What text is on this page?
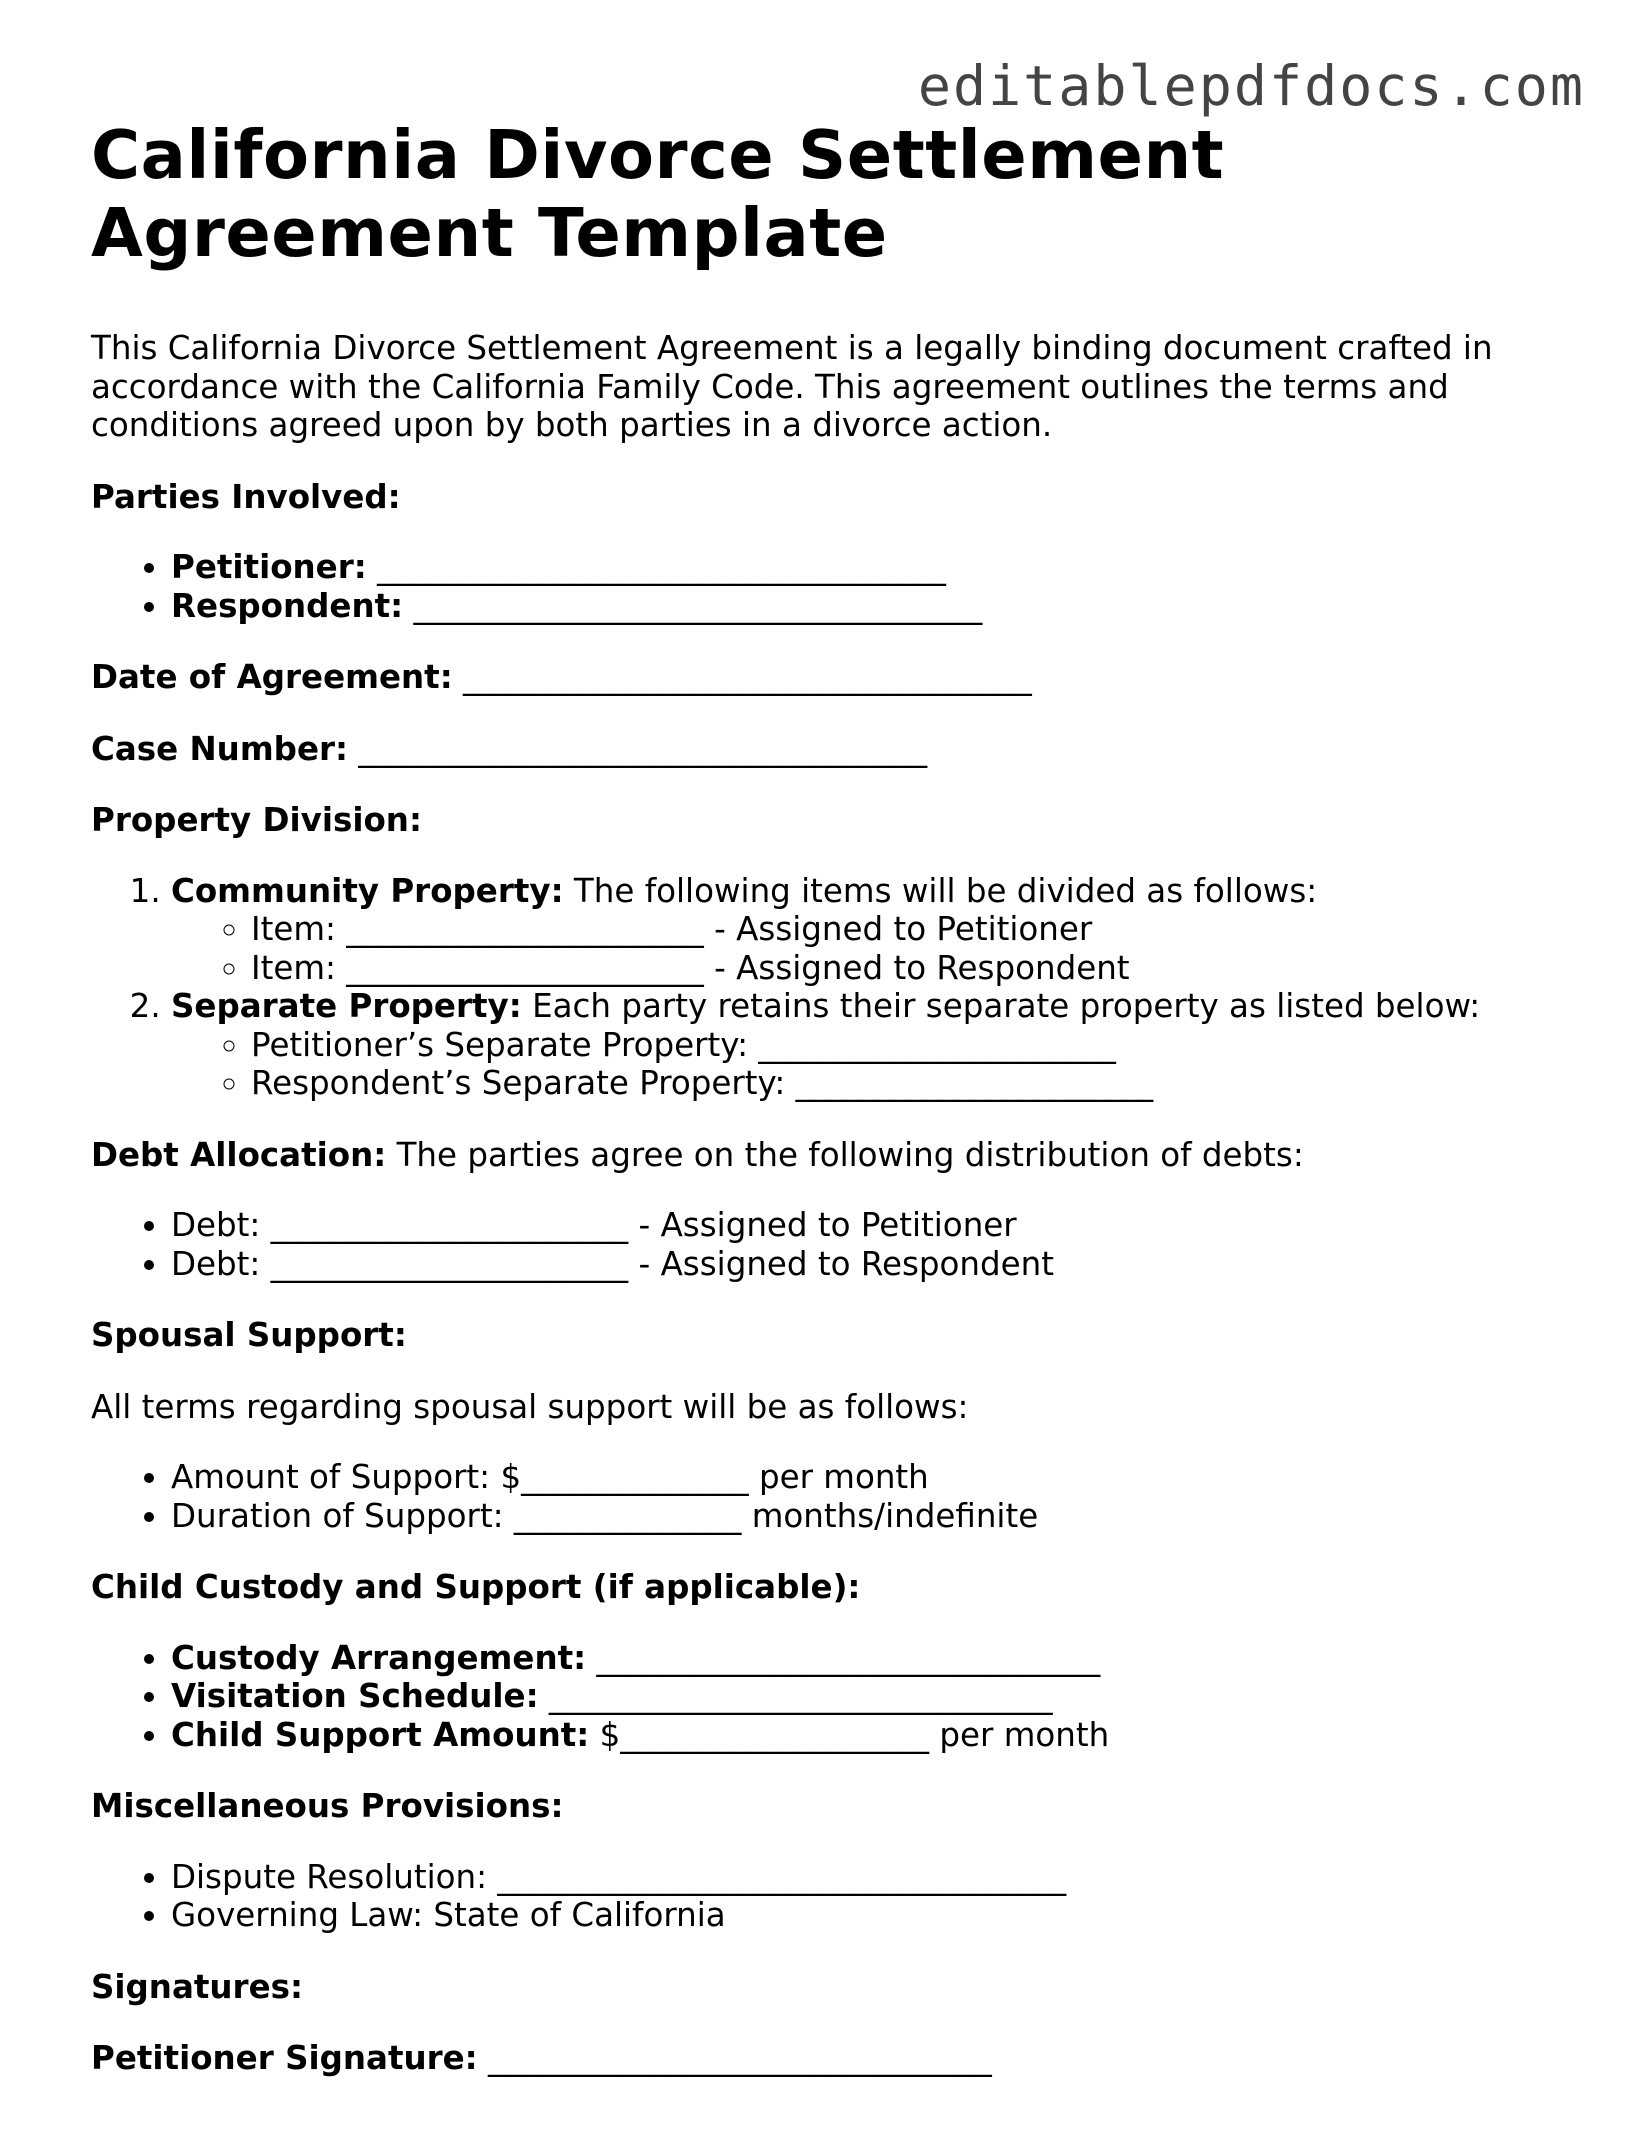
editablepdfdocs.com
California Divorce Settlement
Agreement Template

This California Divorce Settlement Agreement is a legally binding document crafted in accordance with the California Family Code. This agreement outlines the terms and conditions agreed upon by both parties in a divorce action.

Parties Involved:

• Petitioner: ___________________________________
• Respondent: ___________________________________

Date of Agreement: ___________________________________

Case Number: ___________________________________

Property Division:

1. Community Property: The following items will be divided as follows:
◦ Item: ______________________ - Assigned to Petitioner
◦ Item: ______________________ - Assigned to Respondent
2. Separate Property: Each party retains their separate property as listed below:
◦ Petitioner’s Separate Property: ______________________
◦ Respondent’s Separate Property: ______________________

Debt Allocation: The parties agree on the following distribution of debts:

• Debt: ______________________ - Assigned to Petitioner
• Debt: ______________________ - Assigned to Respondent

Spousal Support:

All terms regarding spousal support will be as follows:

• Amount of Support: $______________ per month
• Duration of Support: ______________ months/indefinite

Child Custody and Support (if applicable):

• Custody Arrangement: _______________________________
• Visitation Schedule: _______________________________
• Child Support Amount: $___________________ per month

Miscellaneous Provisions:

• Dispute Resolution: ___________________________________
• Governing Law: State of California

Signatures:

Petitioner Signature: _______________________________
